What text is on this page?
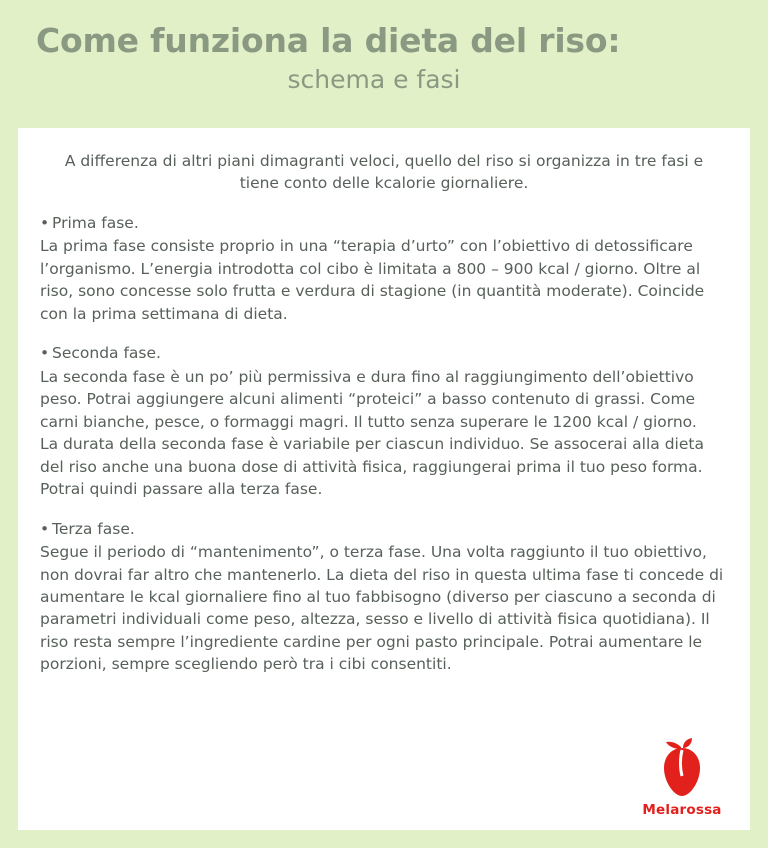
Come funziona la dieta del riso:
schema e fasi
A differenza di altri piani dimagranti veloci, quello del riso si organizza in tre fasi e tiene conto delle kcalorie giornaliere.
• Prima fase.
La prima fase consiste proprio in una “terapia d’urto” con l’obiettivo di detossificare l’organismo. L’energia introdotta col cibo è limitata a 800 – 900 kcal / giorno. Oltre al riso, sono concesse solo frutta e verdura di stagione (in quantità moderate). Coincide con la prima settimana di dieta.
• Seconda fase.
La seconda fase è un po’ più permissiva e dura fino al raggiungimento dell’obiettivo peso. Potrai aggiungere alcuni alimenti “proteici” a basso contenuto di grassi. Come carni bianche, pesce, o formaggi magri. Il tutto senza superare le 1200 kcal / giorno.
La durata della seconda fase è variabile per ciascun individuo. Se assocerai alla dieta del riso anche una buona dose di attività fisica, raggiungerai prima il tuo peso forma. Potrai quindi passare alla terza fase.
• Terza fase.
Segue il periodo di “mantenimento”, o terza fase. Una volta raggiunto il tuo obiettivo, non dovrai far altro che mantenerlo. La dieta del riso in questa ultima fase ti concede di aumentare le kcal giornaliere fino al tuo fabbisogno (diverso per ciascuno a seconda di parametri individuali come peso, altezza, sesso e livello di attività fisica quotidiana). Il riso resta sempre l’ingrediente cardine per ogni pasto principale. Potrai aumentare le porzioni, sempre scegliendo però tra i cibi consentiti.
Melarossa
